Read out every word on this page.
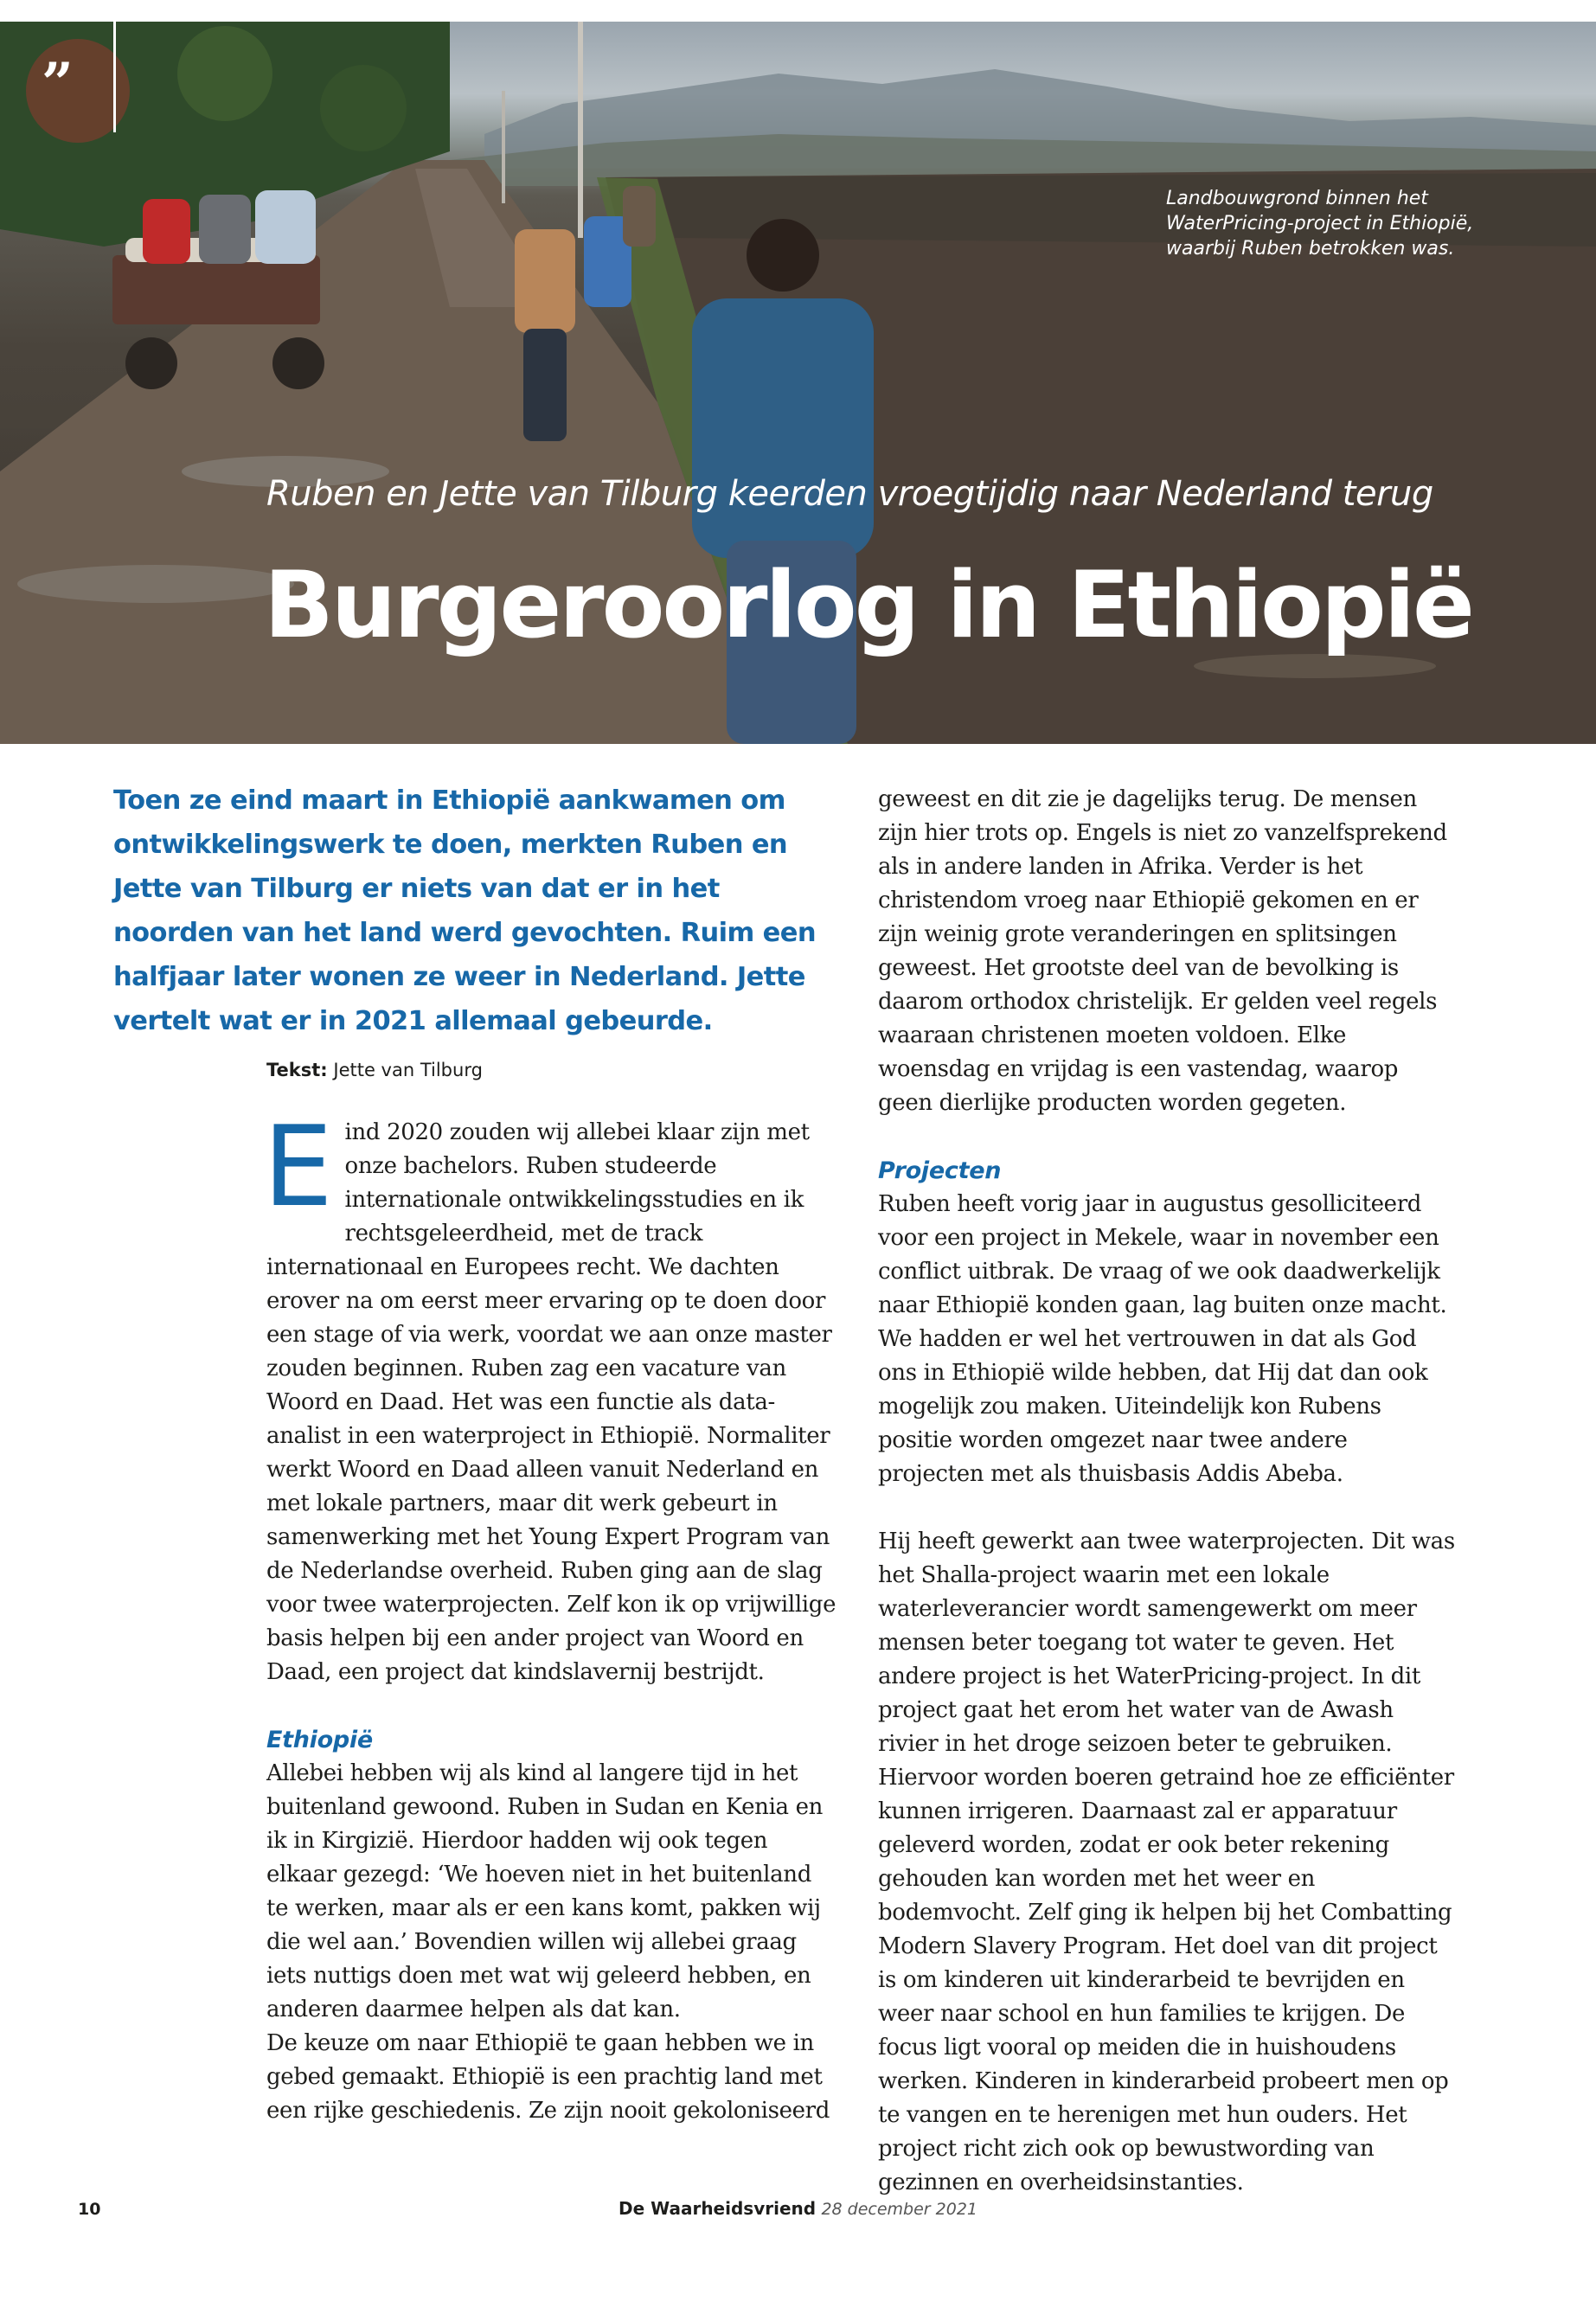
”
Landbouwgrond binnen het WaterPricing-project in Ethiopië, waarbij Ruben betrokken was.
Ruben en Jette van Tilburg keerden vroegtijdig naar Nederland terug
Burgeroorlog in Ethiopië
Toen ze eind maart in Ethiopië aankwamen om ontwikkelingswerk te doen, merkten Ruben en Jette van Tilburg er niets van dat er in het noorden van het land werd gevochten. Ruim een halfjaar later wonen ze weer in Nederland. Jette vertelt wat er in 2021 allemaal gebeurde.
Tekst: Jette van Tilburg

Eind 2020 zouden wij allebei klaar zijn met onze bachelors. Ruben studeerde internationale ontwikkelingsstudies en ik rechtsgeleerdheid, met de track internationaal en Europees recht. We dachten erover na om eerst meer ervaring op te doen door een stage of via werk, voordat we aan onze master zouden beginnen. Ruben zag een vacature van Woord en Daad. Het was een functie als data-analist in een waterproject in Ethiopië. Normaliter werkt Woord en Daad alleen vanuit Nederland en met lokale partners, maar dit werk gebeurt in samenwerking met het Young Expert Program van de Nederlandse overheid. Ruben ging aan de slag voor twee waterprojecten. Zelf kon ik op vrijwillige basis helpen bij een ander project van Woord en Daad, een project dat kindslavernij bestrijdt.

Ethiopië

Allebei hebben wij als kind al langere tijd in het buitenland gewoond. Ruben in Sudan en Kenia en ik in Kirgizië. Hierdoor hadden wij ook tegen elkaar gezegd: ‘We hoeven niet in het buitenland te werken, maar als er een kans komt, pakken wij die wel aan.’ Bovendien willen wij allebei graag iets nuttigs doen met wat wij geleerd hebben, en anderen daarmee helpen als dat kan.

De keuze om naar Ethiopië te gaan hebben we in gebed gemaakt. Ethiopië is een prachtig land met een rijke geschiedenis. Ze zijn nooit gekoloniseerd

geweest en dit zie je dagelijks terug. De mensen zijn hier trots op. Engels is niet zo vanzelfsprekend als in andere landen in Afrika. Verder is het christendom vroeg naar Ethiopië gekomen en er zijn weinig grote veranderingen en splitsingen geweest. Het grootste deel van de bevolking is daarom orthodox christelijk. Er gelden veel regels waaraan christenen moeten voldoen. Elke woensdag en vrijdag is een vastendag, waarop geen dierlijke producten worden gegeten.

Projecten

Ruben heeft vorig jaar in augustus gesolliciteerd voor een project in Mekele, waar in november een conflict uitbrak. De vraag of we ook daadwerkelijk naar Ethiopië konden gaan, lag buiten onze macht. We hadden er wel het vertrouwen in dat als God ons in Ethiopië wilde hebben, dat Hij dat dan ook mogelijk zou maken. Uiteindelijk kon Rubens positie worden omgezet naar twee andere projecten met als thuisbasis Addis Abeba.

Hij heeft gewerkt aan twee waterprojecten. Dit was het Shalla-project waarin met een lokale waterleverancier wordt samengewerkt om meer mensen beter toegang tot water te geven. Het andere project is het WaterPricing-project. In dit project gaat het erom het water van de Awash rivier in het droge seizoen beter te gebruiken. Hiervoor worden boeren getraind hoe ze efficiënter kunnen irrigeren. Daarnaast zal er apparatuur geleverd worden, zodat er ook beter rekening gehouden kan worden met het weer en bodemvocht. Zelf ging ik helpen bij het Combatting Modern Slavery Program. Het doel van dit project is om kinderen uit kinderarbeid te bevrijden en weer naar school en hun families te krijgen. De focus ligt vooral op meiden die in huishoudens werken. Kinderen in kinderarbeid probeert men op te vangen en te herenigen met hun ouders. Het project richt zich ook op bewustwording van gezinnen en overheidsinstanties.

10	De Waarheidsvriend 28 december 2021
